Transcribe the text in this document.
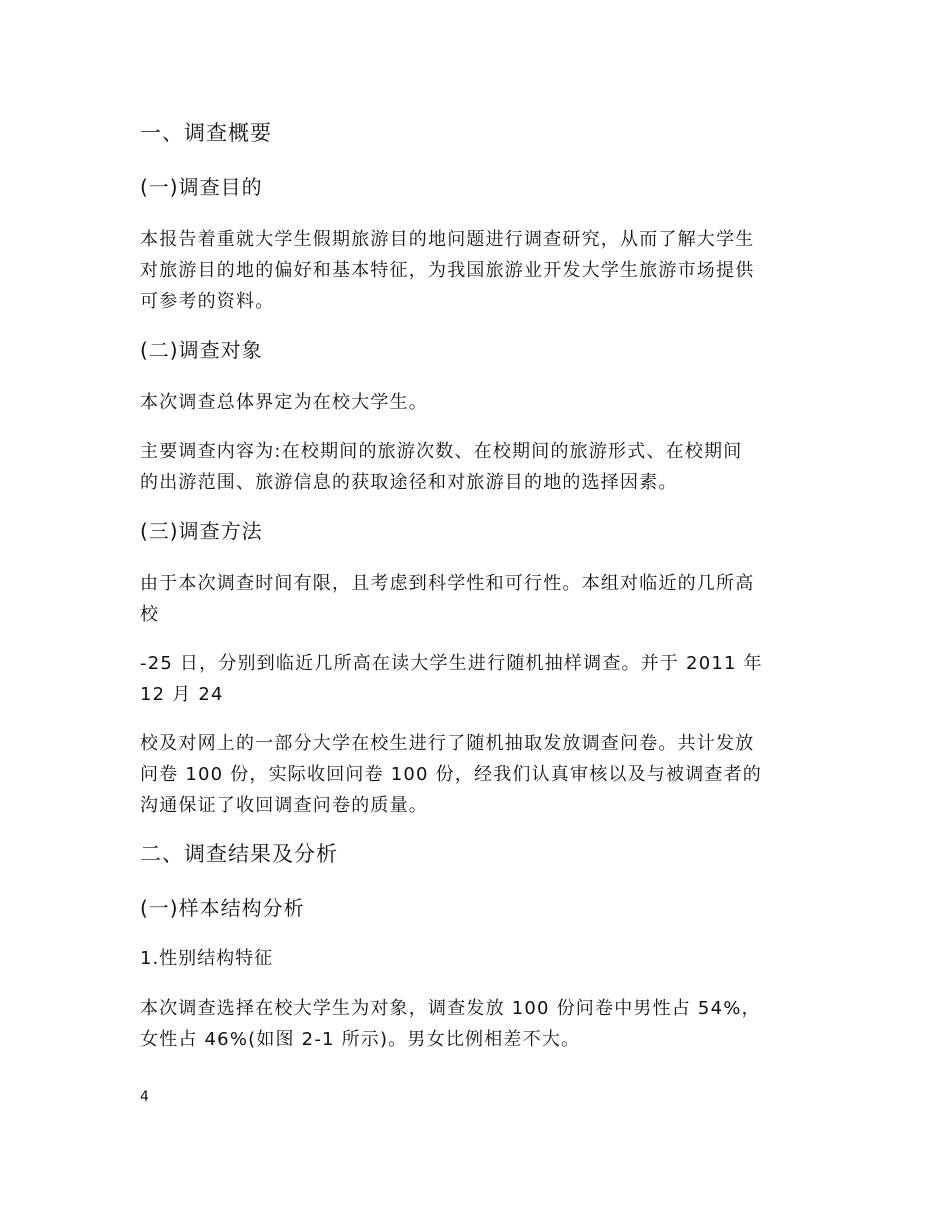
一、调查概要
(一)调查目的
本报告着重就大学生假期旅游目的地问题进行调查研究，从而了解大学生
对旅游目的地的偏好和基本特征，为我国旅游业开发大学生旅游市场提供
可参考的资料。
(二)调查对象
本次调查总体界定为在校大学生。
主要调查内容为:在校期间的旅游次数、在校期间的旅游形式、在校期间
的出游范围、旅游信息的获取途径和对旅游目的地的选择因素。
(三)调查方法
由于本次调查时间有限，且考虑到科学性和可行性。本组对临近的几所高
校
-25 日，分别到临近几所高在读大学生进行随机抽样调查。并于 2011 年
12 月 24
校及对网上的一部分大学在校生进行了随机抽取发放调查问卷。共计发放
问卷 100 份，实际收回问卷 100 份，经我们认真审核以及与被调查者的
沟通保证了收回调查问卷的质量。
二、调查结果及分析
(一)样本结构分析
1.性别结构特征
本次调查选择在校大学生为对象，调查发放 100 份问卷中男性占 54%，
女性占 46%(如图 2-1 所示)。男女比例相差不大。
4
